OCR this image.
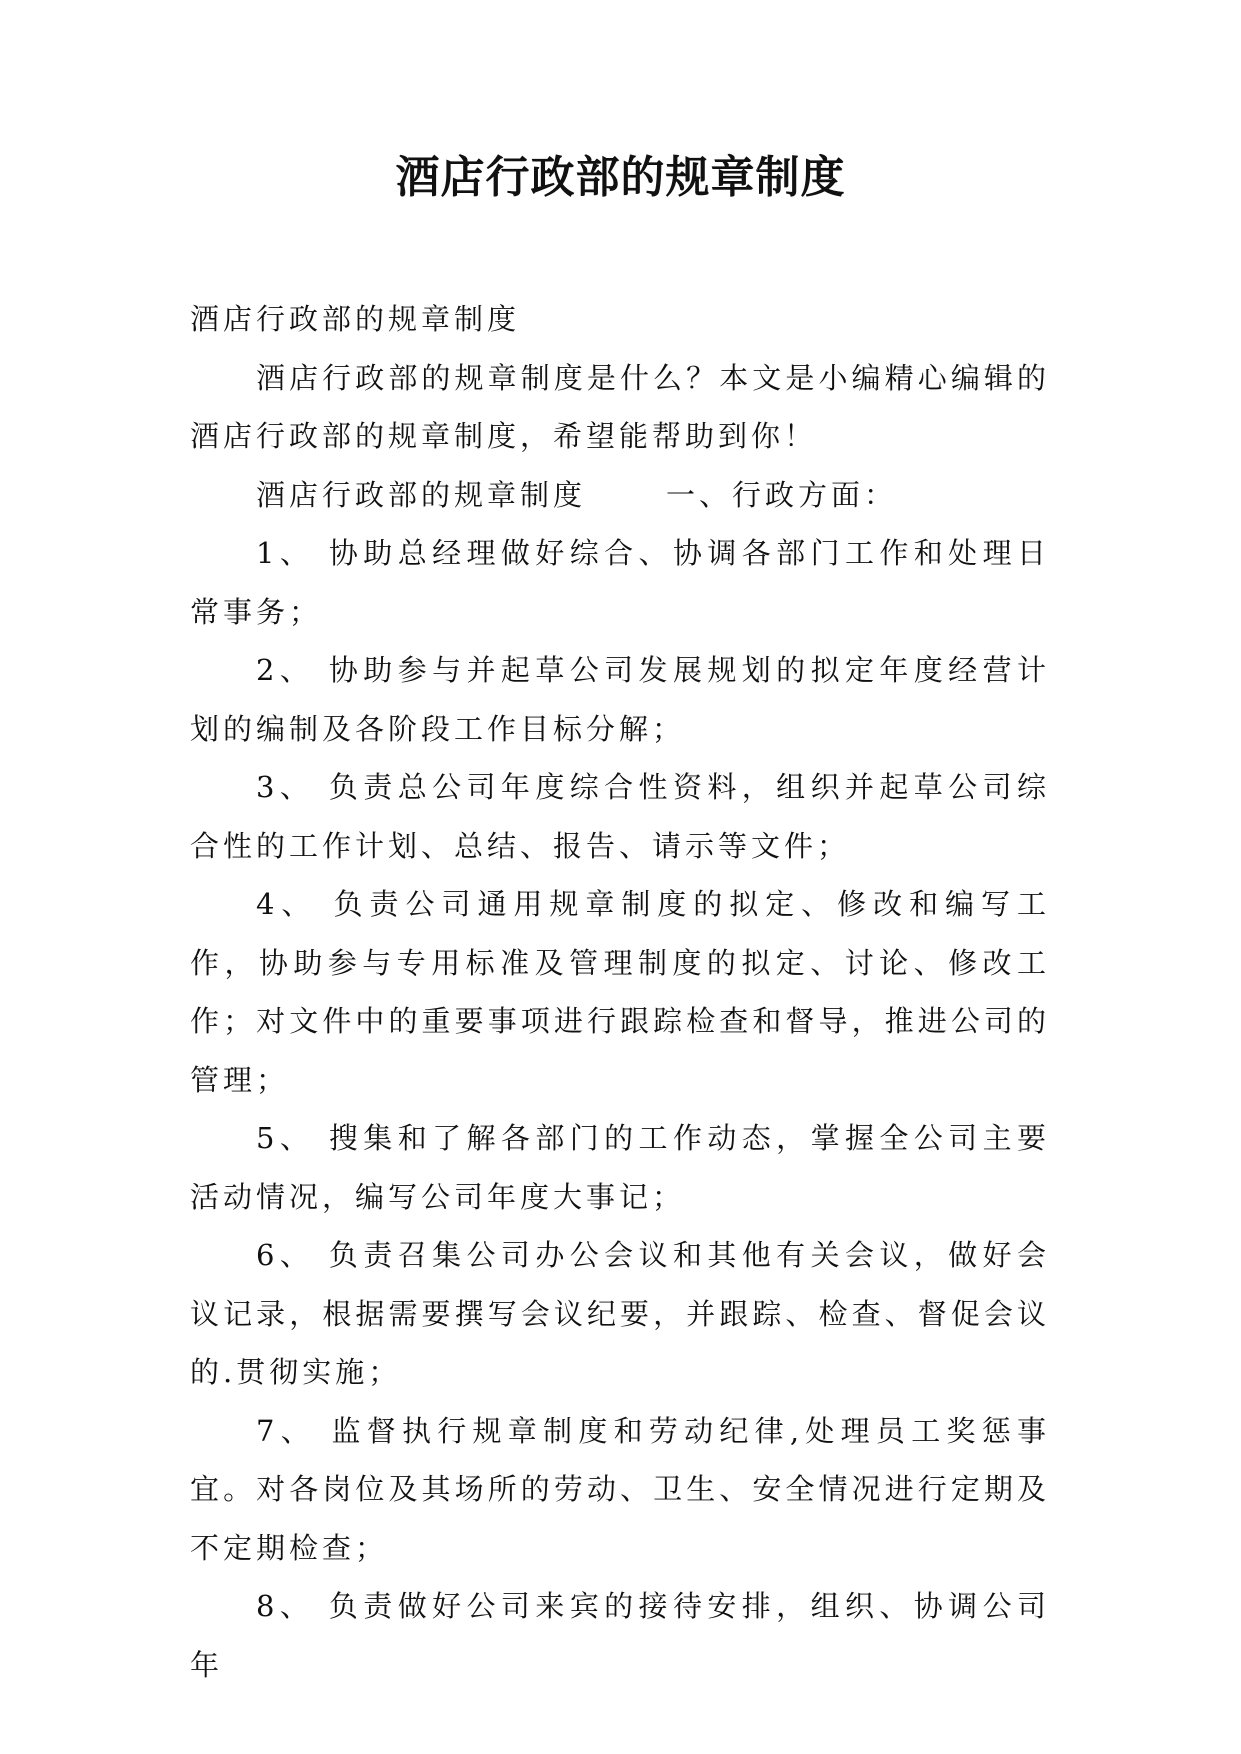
酒店行政部的规章制度

酒店行政部的规章制度

酒店行政部的规章制度是什么？本文是小编精心编辑的酒店行政部的规章制度，希望能帮助到你！

酒店行政部的规章制度	一、行政方面：

1、 协助总经理做好综合、协调各部门工作和处理日常事务；

2、 协助参与并起草公司发展规划的拟定年度经营计划的编制及各阶段工作目标分解；

3、 负责总公司年度综合性资料，组织并起草公司综合性的工作计划、总结、报告、请示等文件；

4、 负责公司通用规章制度的拟定、修改和编写工作，协助参与专用标准及管理制度的拟定、讨论、修改工作；对文件中的重要事项进行跟踪检查和督导，推进公司的管理；

5、 搜集和了解各部门的工作动态，掌握全公司主要活动情况，编写公司年度大事记；

6、 负责召集公司办公会议和其他有关会议，做好会议记录，根据需要撰写会议纪要，并跟踪、检查、督促会议的.贯彻实施；

7、 监督执行规章制度和劳动纪律,处理员工奖惩事宜。对各岗位及其场所的劳动、卫生、安全情况进行定期及不定期检查；

8、 负责做好公司来宾的接待安排，组织、协调公司年
